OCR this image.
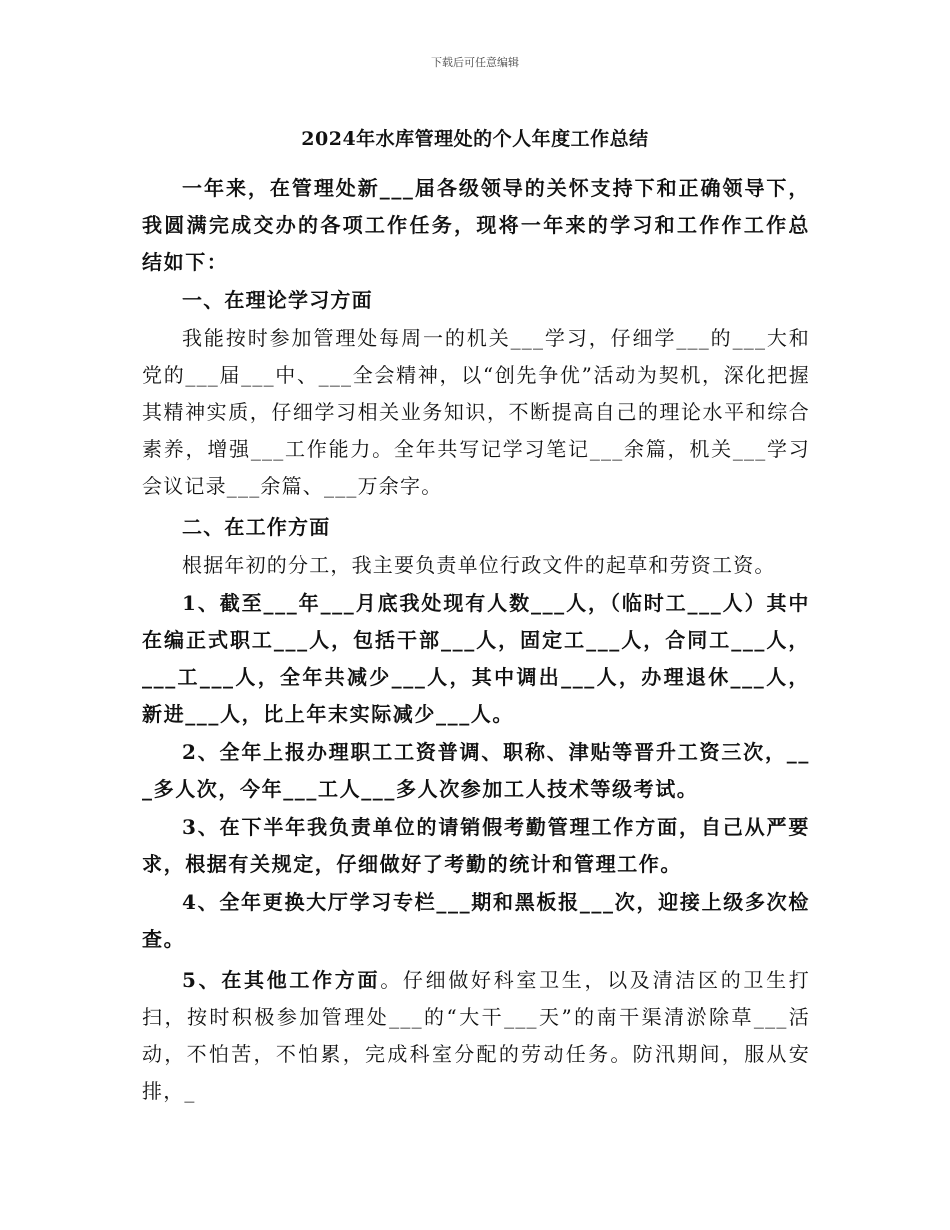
下载后可任意编辑
2024年水库管理处的个人年度工作总结

一年来，在管理处新___届各级领导的关怀支持下和正确领导下，我圆满完成交办的各项工作任务，现将一年来的学习和工作作工作总结如下：

一、在理论学习方面

我能按时参加管理处每周一的机关___学习，仔细学___的___大和党的___届___中、___全会精神，以“创先争优”活动为契机，深化把握其精神实质，仔细学习相关业务知识，不断提高自己的理论水平和综合素养，增强___工作能力。全年共写记学习笔记___余篇，机关___学习会议记录___余篇、___万余字。

二、在工作方面

根据年初的分工，我主要负责单位行政文件的起草和劳资工资。

1、截至___年___月底我处现有人数___人，（临时工___人）其中在编正式职工___人，包括干部___人，固定工___人，合同工___人，___工___人，全年共减少___人，其中调出___人，办理退休___人，新进___人，比上年末实际减少___人。

2、全年上报办理职工工资普调、职称、津贴等晋升工资三次，___多人次，今年___工人___多人次参加工人技术等级考试。

3、在下半年我负责单位的请销假考勤管理工作方面，自己从严要求，根据有关规定，仔细做好了考勤的统计和管理工作。

4、全年更换大厅学习专栏___期和黑板报___次，迎接上级多次检查。

5、在其他工作方面。仔细做好科室卫生，以及清洁区的卫生打扫，按时积极参加管理处___的“大干___天”的南干渠清淤除草___活动，不怕苦，不怕累，完成科室分配的劳动任务。防汛期间，服从安排，_
